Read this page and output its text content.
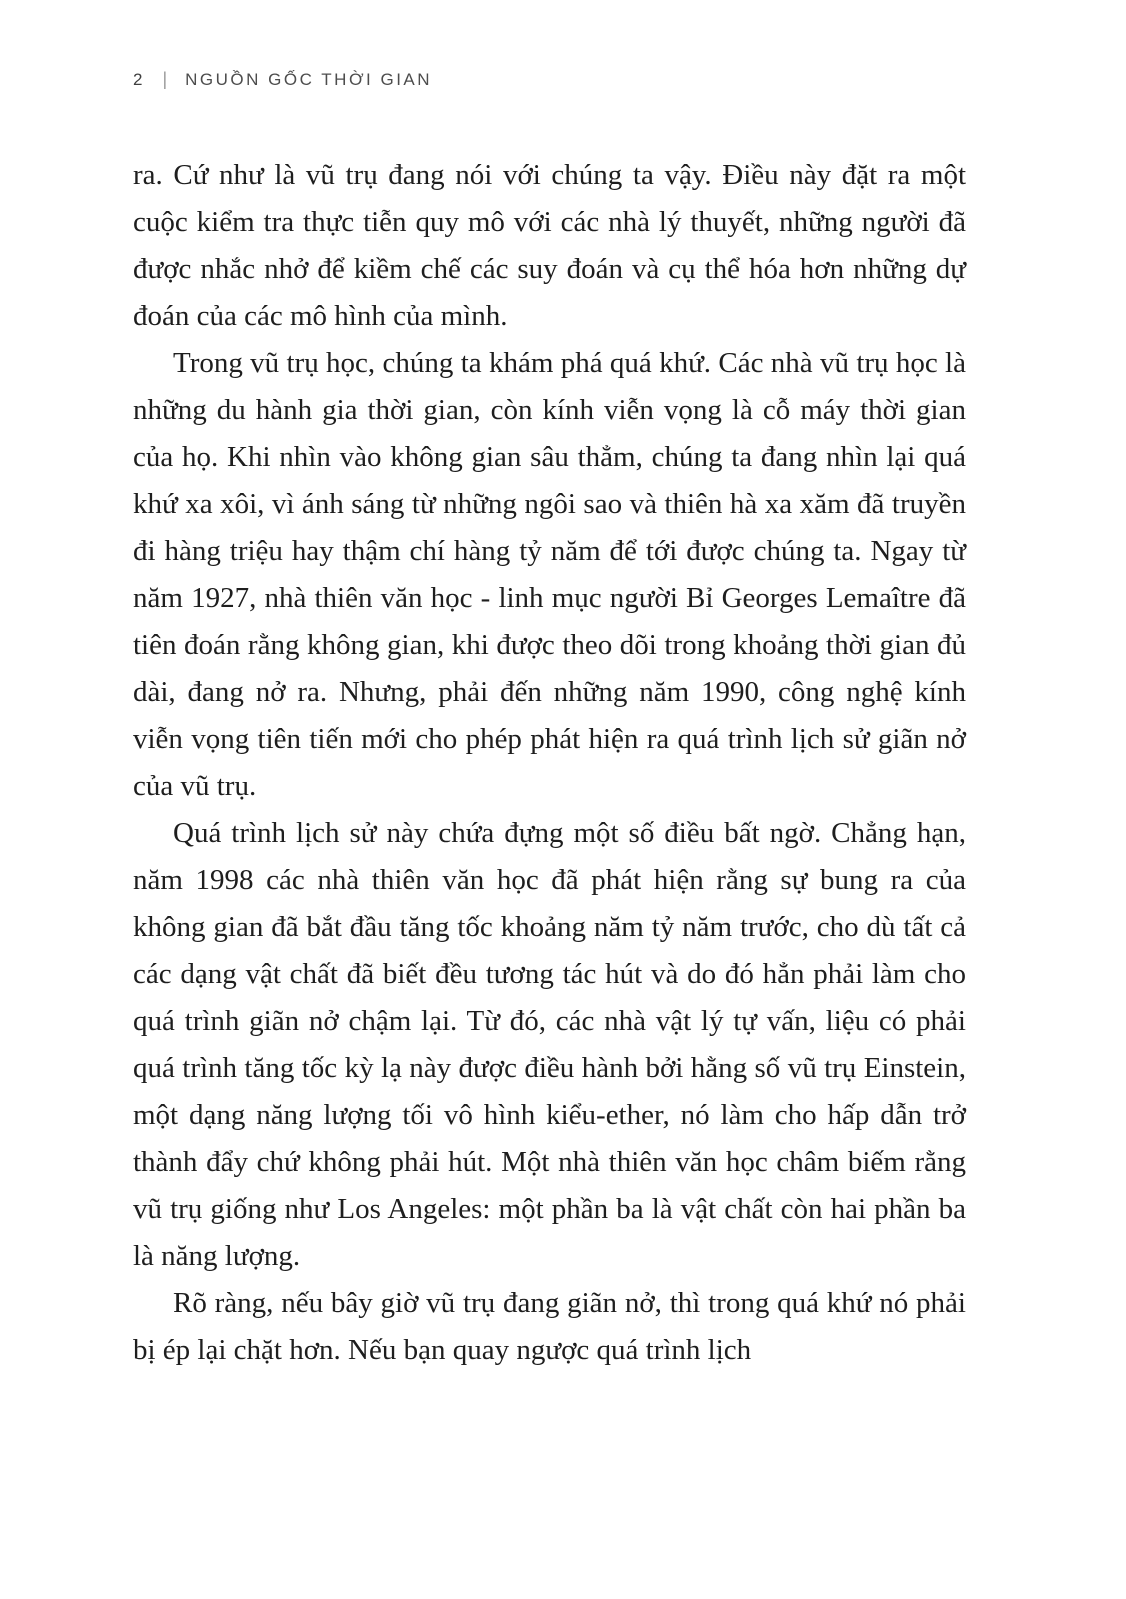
2 | NGUỒN GỐC THỜI GIAN

ra. Cứ như là vũ trụ đang nói với chúng ta vậy. Điều này đặt ra một cuộc kiểm tra thực tiễn quy mô với các nhà lý thuyết, những người đã được nhắc nhở để kiềm chế các suy đoán và cụ thể hóa hơn những dự đoán của các mô hình của mình.

Trong vũ trụ học, chúng ta khám phá quá khứ. Các nhà vũ trụ học là những du hành gia thời gian, còn kính viễn vọng là cỗ máy thời gian của họ. Khi nhìn vào không gian sâu thẳm, chúng ta đang nhìn lại quá khứ xa xôi, vì ánh sáng từ những ngôi sao và thiên hà xa xăm đã truyền đi hàng triệu hay thậm chí hàng tỷ năm để tới được chúng ta. Ngay từ năm 1927, nhà thiên văn học - linh mục người Bỉ Georges Lemaître đã tiên đoán rằng không gian, khi được theo dõi trong khoảng thời gian đủ dài, đang nở ra. Nhưng, phải đến những năm 1990, công nghệ kính viễn vọng tiên tiến mới cho phép phát hiện ra quá trình lịch sử giãn nở của vũ trụ.

Quá trình lịch sử này chứa đựng một số điều bất ngờ. Chẳng hạn, năm 1998 các nhà thiên văn học đã phát hiện rằng sự bung ra của không gian đã bắt đầu tăng tốc khoảng năm tỷ năm trước, cho dù tất cả các dạng vật chất đã biết đều tương tác hút và do đó hẳn phải làm cho quá trình giãn nở chậm lại. Từ đó, các nhà vật lý tự vấn, liệu có phải quá trình tăng tốc kỳ lạ này được điều hành bởi hằng số vũ trụ Einstein, một dạng năng lượng tối vô hình kiểu-ether, nó làm cho hấp dẫn trở thành đẩy chứ không phải hút. Một nhà thiên văn học châm biếm rằng vũ trụ giống như Los Angeles: một phần ba là vật chất còn hai phần ba là năng lượng.

Rõ ràng, nếu bây giờ vũ trụ đang giãn nở, thì trong quá khứ nó phải bị ép lại chặt hơn. Nếu bạn quay ngược quá trình lịch
